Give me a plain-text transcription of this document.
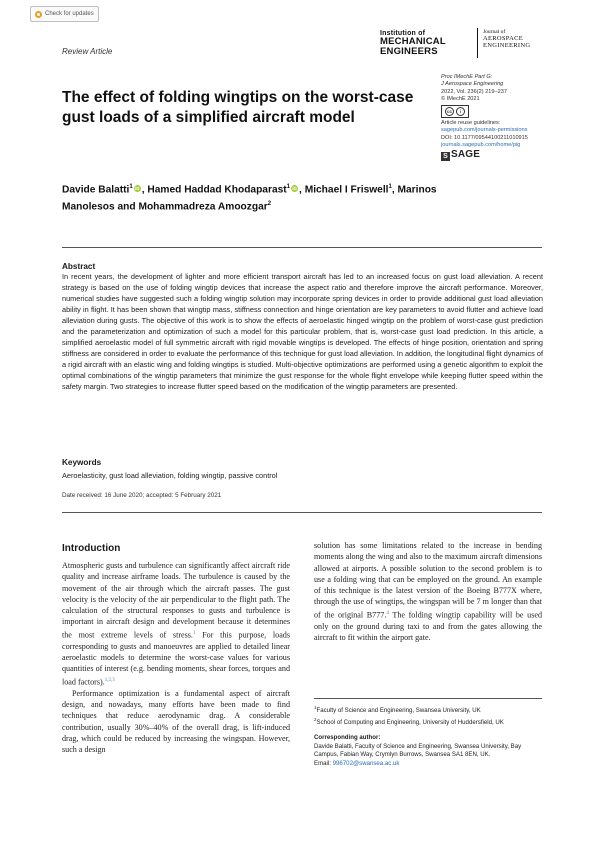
Check for updates
Review Article
Institution of
MECHANICAL
ENGINEERS
Journal of
AEROSPACE
ENGINEERING
The effect of folding wingtips on the worst-case gust loads of a simplified aircraft model
Proc IMechE Part G:
J Aerospace Engineering
2022, Vol. 236(2) 219–237
© IMechE 2021
cc	i
Article reuse guidelines:
sagepub.com/journals-permissions
DOI: 10.1177/09544100211010915
journals.sagepub.com/home/pig
S SAGE
Davide Balatti$^1$ iD , Hamed Haddad Khodaparast$^1$ iD , Michael I Friswell$^1$, Marinos Manolesos and Mohammadreza Amoozgar$^2$
Abstract
In recent years, the development of lighter and more efficient transport aircraft has led to an increased focus on gust load alleviation. A recent strategy is based on the use of folding wingtip devices that increase the aspect ratio and therefore improve the aircraft performance. Moreover, numerical studies have suggested such a folding wingtip solution may incorporate spring devices in order to provide additional gust load alleviation ability in flight. It has been shown that wingtip mass, stiffness connection and hinge orientation are key parameters to avoid flutter and achieve load alleviation during gusts. The objective of this work is to show the effects of aeroelastic hinged wingtip on the problem of worst-case gust prediction and the parameterization and optimization of such a model for this particular problem, that is, worst-case gust load prediction. In this article, a simplified aeroelastic model of full symmetric aircraft with rigid movable wingtips is developed. The effects of hinge position, orientation and spring stiffness are considered in order to evaluate the performance of this technique for gust load alleviation. In addition, the longitudinal flight dynamics of a rigid aircraft with an elastic wing and folding wingtips is studied. Multi-objective optimizations are performed using a genetic algorithm to exploit the optimal combinations of the wingtip parameters that minimize the gust response for the whole flight envelope while keeping flutter speed within the safety margin. Two strategies to increase flutter speed based on the modification of the wingtip parameters are presented.
Keywords
Aeroelasticity, gust load alleviation, folding wingtip, passive control
Date received: 16 June 2020; accepted: 5 February 2021
Introduction

Atmospheric gusts and turbulence can significantly affect aircraft ride quality and increase airframe loads. The turbulence is caused by the movement of the air through which the aircraft passes. The gust velocity is the velocity of the air perpendicular to the flight path. The calculation of the structural responses to gusts and turbulence is important in aircraft design and development because it determines the most extreme levels of stress.$^1$ For this purpose, loads corresponding to gusts and manoeuvres are applied to detailed linear aeroelastic models to determine the worst-case values for various quantities of interest (e.g. bending moments, shear forces, torques and load factors).$^{1,2,3}$

Performance optimization is a fundamental aspect of aircraft design, and nowadays, many efforts have been made to find techniques that reduce aerodynamic drag. A considerable contribution, usually 30%–40% of the overall drag, is lift-induced drag, which could be reduced by increasing the wingspan. However, such a design

solution has some limitations related to the increase in bending moments along the wing and also to the maximum aircraft dimensions allowed at airports. A possible solution to the second problem is to use a folding wing that can be employed on the ground. An example of this technique is the latest version of the Boeing B777X where, through the use of wingtips, the wingspan will be 7 m longer than that of the original B777.$^4$ The folding wingtip capability will be used only on the ground during taxi to and from the gates allowing the aircraft to fit within the airport gate.

$^1$Faculty of Science and Engineering, Swansea University, UK
$^2$School of Computing and Engineering, University of Huddersfield, UK
Corresponding author:
Davide Balatti, Faculty of Science and Engineering, Swansea University, Bay Campus, Fabian Way, Crymlyn Burrows, Swansea SA1 8EN, UK.
Email: 996702@swansea.ac.uk
